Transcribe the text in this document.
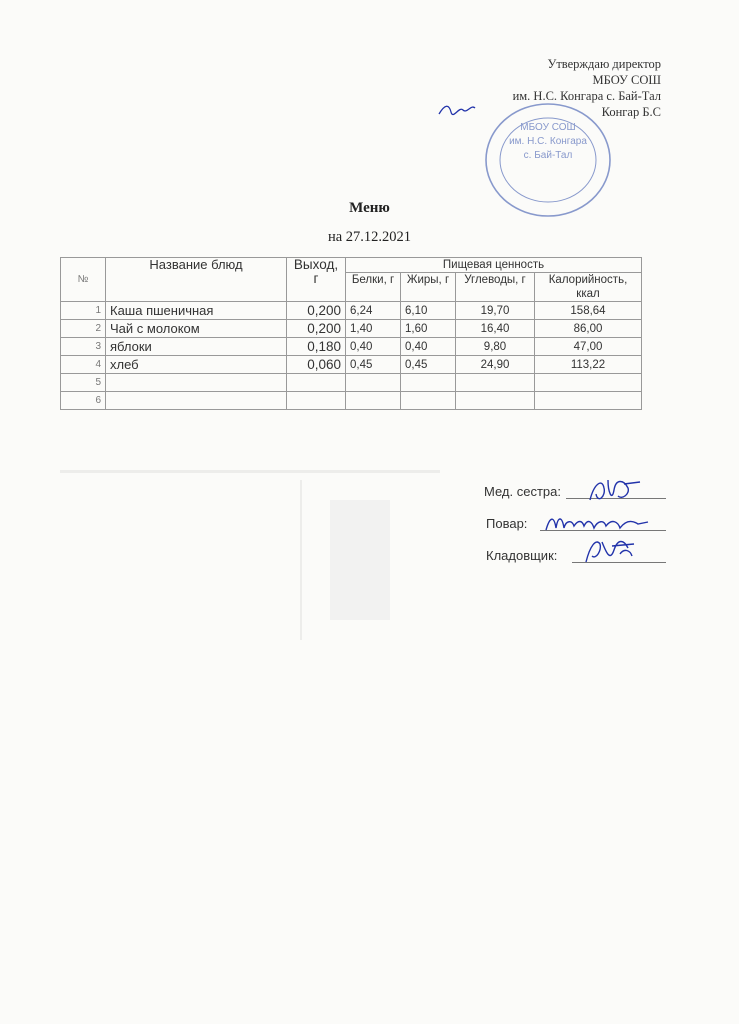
Утверждаю директор
МБОУ СОШ
им. Н.С. Конгара с. Бай-Тал
Конгар Б.С
МБОУ СОШ
им. Н.С. Конгара
с. Бай-Тал
Меню
на 27.12.2021
№	Название блюд	Выход, г	Пищевая ценность			
			Белки, г	Жиры, г	Углеводы, г	Калорийность, ккал
1	Каша пшеничная	0,200	6,24	6,10	19,70	158,64
2	Чай с молоком	0,200	1,40	1,60	16,40	86,00
3	яблоки	0,180	0,40	0,40	9,80	47,00
4	хлеб	0,060	0,45	0,45	24,90	113,22
5						
6						
Мед. сестра:
Повар:
Кладовщик:
